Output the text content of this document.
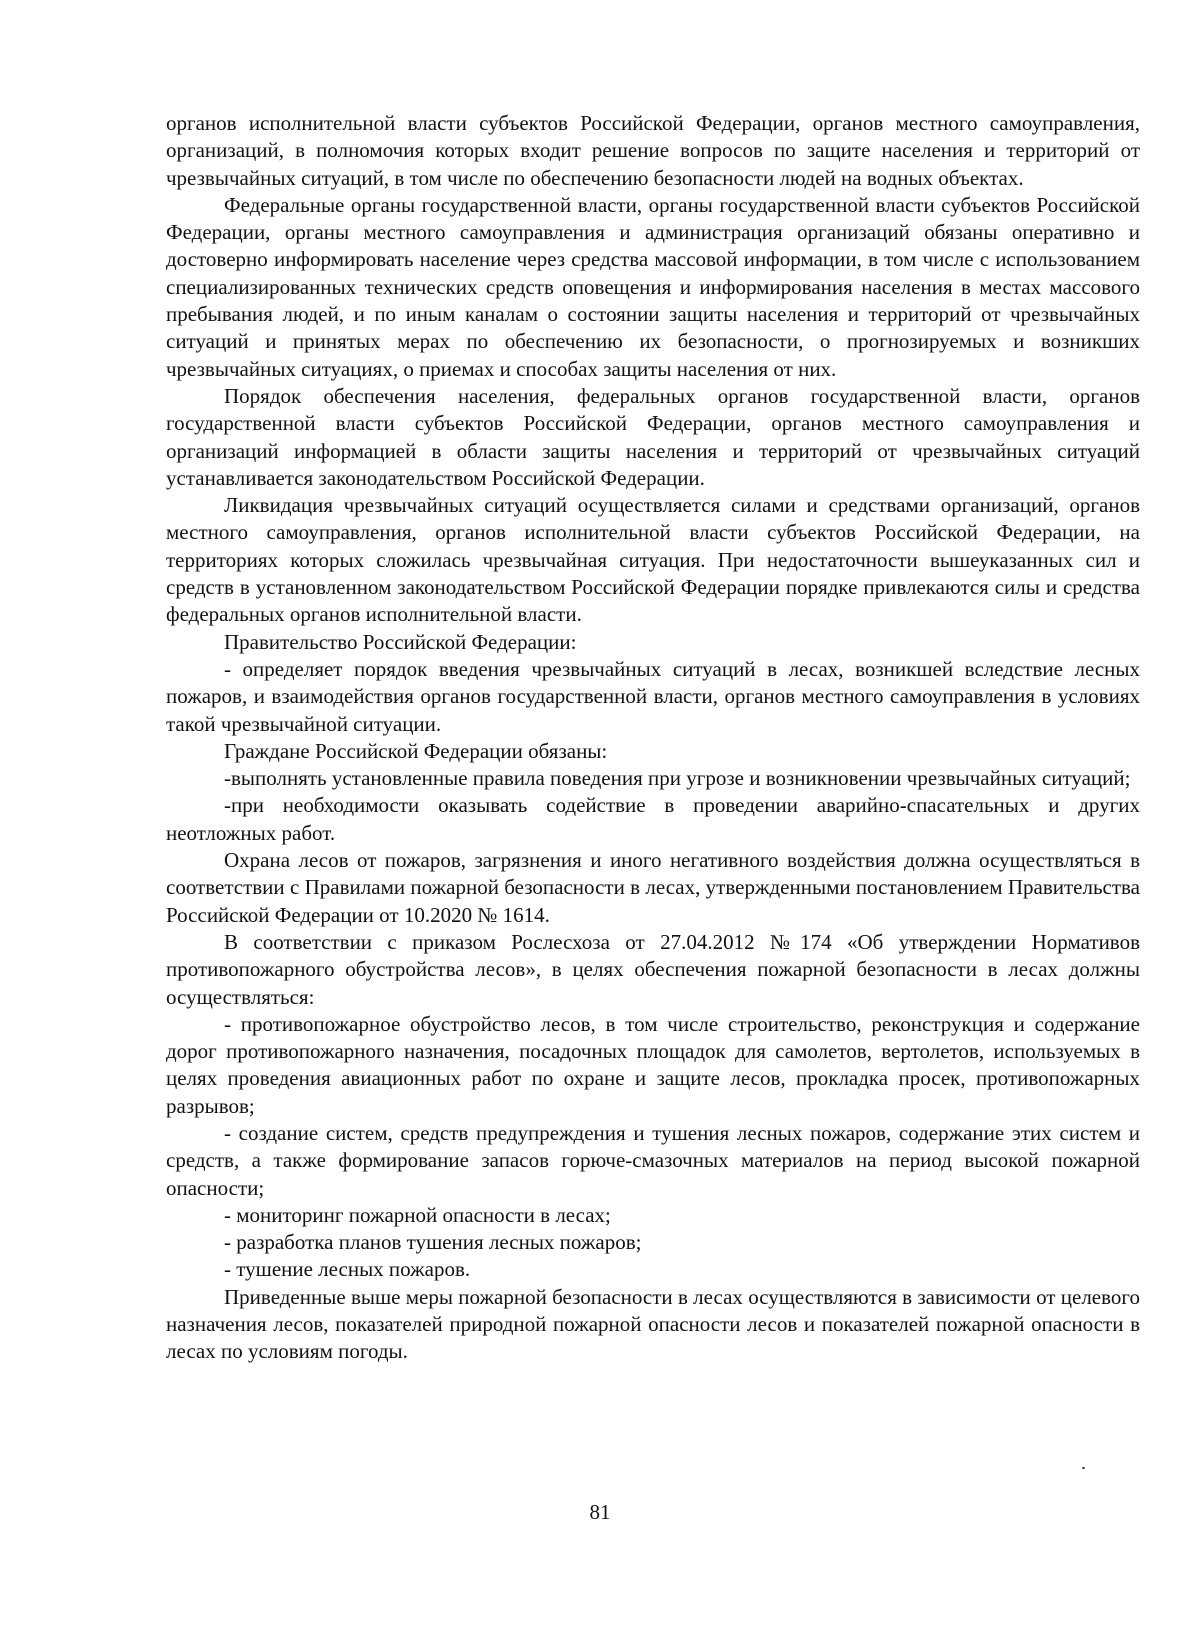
органов исполнительной власти субъектов Российской Федерации, органов местного самоуправления, организаций, в полномочия которых входит решение вопросов по защите населения и территорий от чрезвычайных ситуаций, в том числе по обеспечению безопасности людей на водных объектах.

Федеральные органы государственной власти, органы государственной власти субъектов Российской Федерации, органы местного самоуправления и администрация организаций обязаны оперативно и достоверно информировать население через средства массовой информации, в том числе с использованием специализированных технических средств оповещения и информирования населения в местах массового пребывания людей, и по иным каналам о состоянии защиты населения и территорий от чрезвычайных ситуаций и принятых мерах по обеспечению их безопасности, о прогнозируемых и возникших чрезвычайных ситуациях, о приемах и способах защиты населения от них.

Порядок обеспечения населения, федеральных органов государственной власти, органов государственной власти субъектов Российской Федерации, органов местного самоуправления и организаций информацией в области защиты населения и территорий от чрезвычайных ситуаций устанавливается законодательством Российской Федерации.

Ликвидация чрезвычайных ситуаций осуществляется силами и средствами организаций, органов местного самоуправления, органов исполнительной власти субъектов Российской Федерации, на территориях которых сложилась чрезвычайная ситуация. При недостаточности вышеуказанных сил и средств в установленном законодательством Российской Федерации порядке привлекаются силы и средства федеральных органов исполнительной власти.

Правительство Российской Федерации:

- определяет порядок введения чрезвычайных ситуаций в лесах, возникшей вследствие лесных пожаров, и взаимодействия органов государственной власти, органов местного самоуправления в условиях такой чрезвычайной ситуации.

Граждане Российской Федерации обязаны:

-выполнять установленные правила поведения при угрозе и возникновении чрезвычайных ситуаций;

-при необходимости оказывать содействие в проведении аварийно-спасательных и других неотложных работ.

Охрана лесов от пожаров, загрязнения и иного негативного воздействия должна осуществляться в соответствии с Правилами пожарной безопасности в лесах, утвержденными постановлением Правительства Российской Федерации от 10.2020 № 1614.

В соответствии с приказом Рослесхоза от 27.04.2012 №174 «Об утверждении Нормативов противопожарного обустройства лесов», в целях обеспечения пожарной безопасности в лесах должны осуществляться:

- противопожарное обустройство лесов, в том числе строительство, реконструкция и содержание дорог противопожарного назначения, посадочных площадок для самолетов, вертолетов, используемых в целях проведения авиационных работ по охране и защите лесов, прокладка просек, противопожарных разрывов;

- создание систем, средств предупреждения и тушения лесных пожаров, содержание этих систем и средств, а также формирование запасов горюче-смазочных материалов на период высокой пожарной опасности;

- мониторинг пожарной опасности в лесах;

- разработка планов тушения лесных пожаров;

- тушение лесных пожаров.

Приведенные выше меры пожарной безопасности в лесах осуществляются в зависимости от целевого назначения лесов, показателей природной пожарной опасности лесов и показателей пожарной опасности в лесах по условиям погоды.

81
